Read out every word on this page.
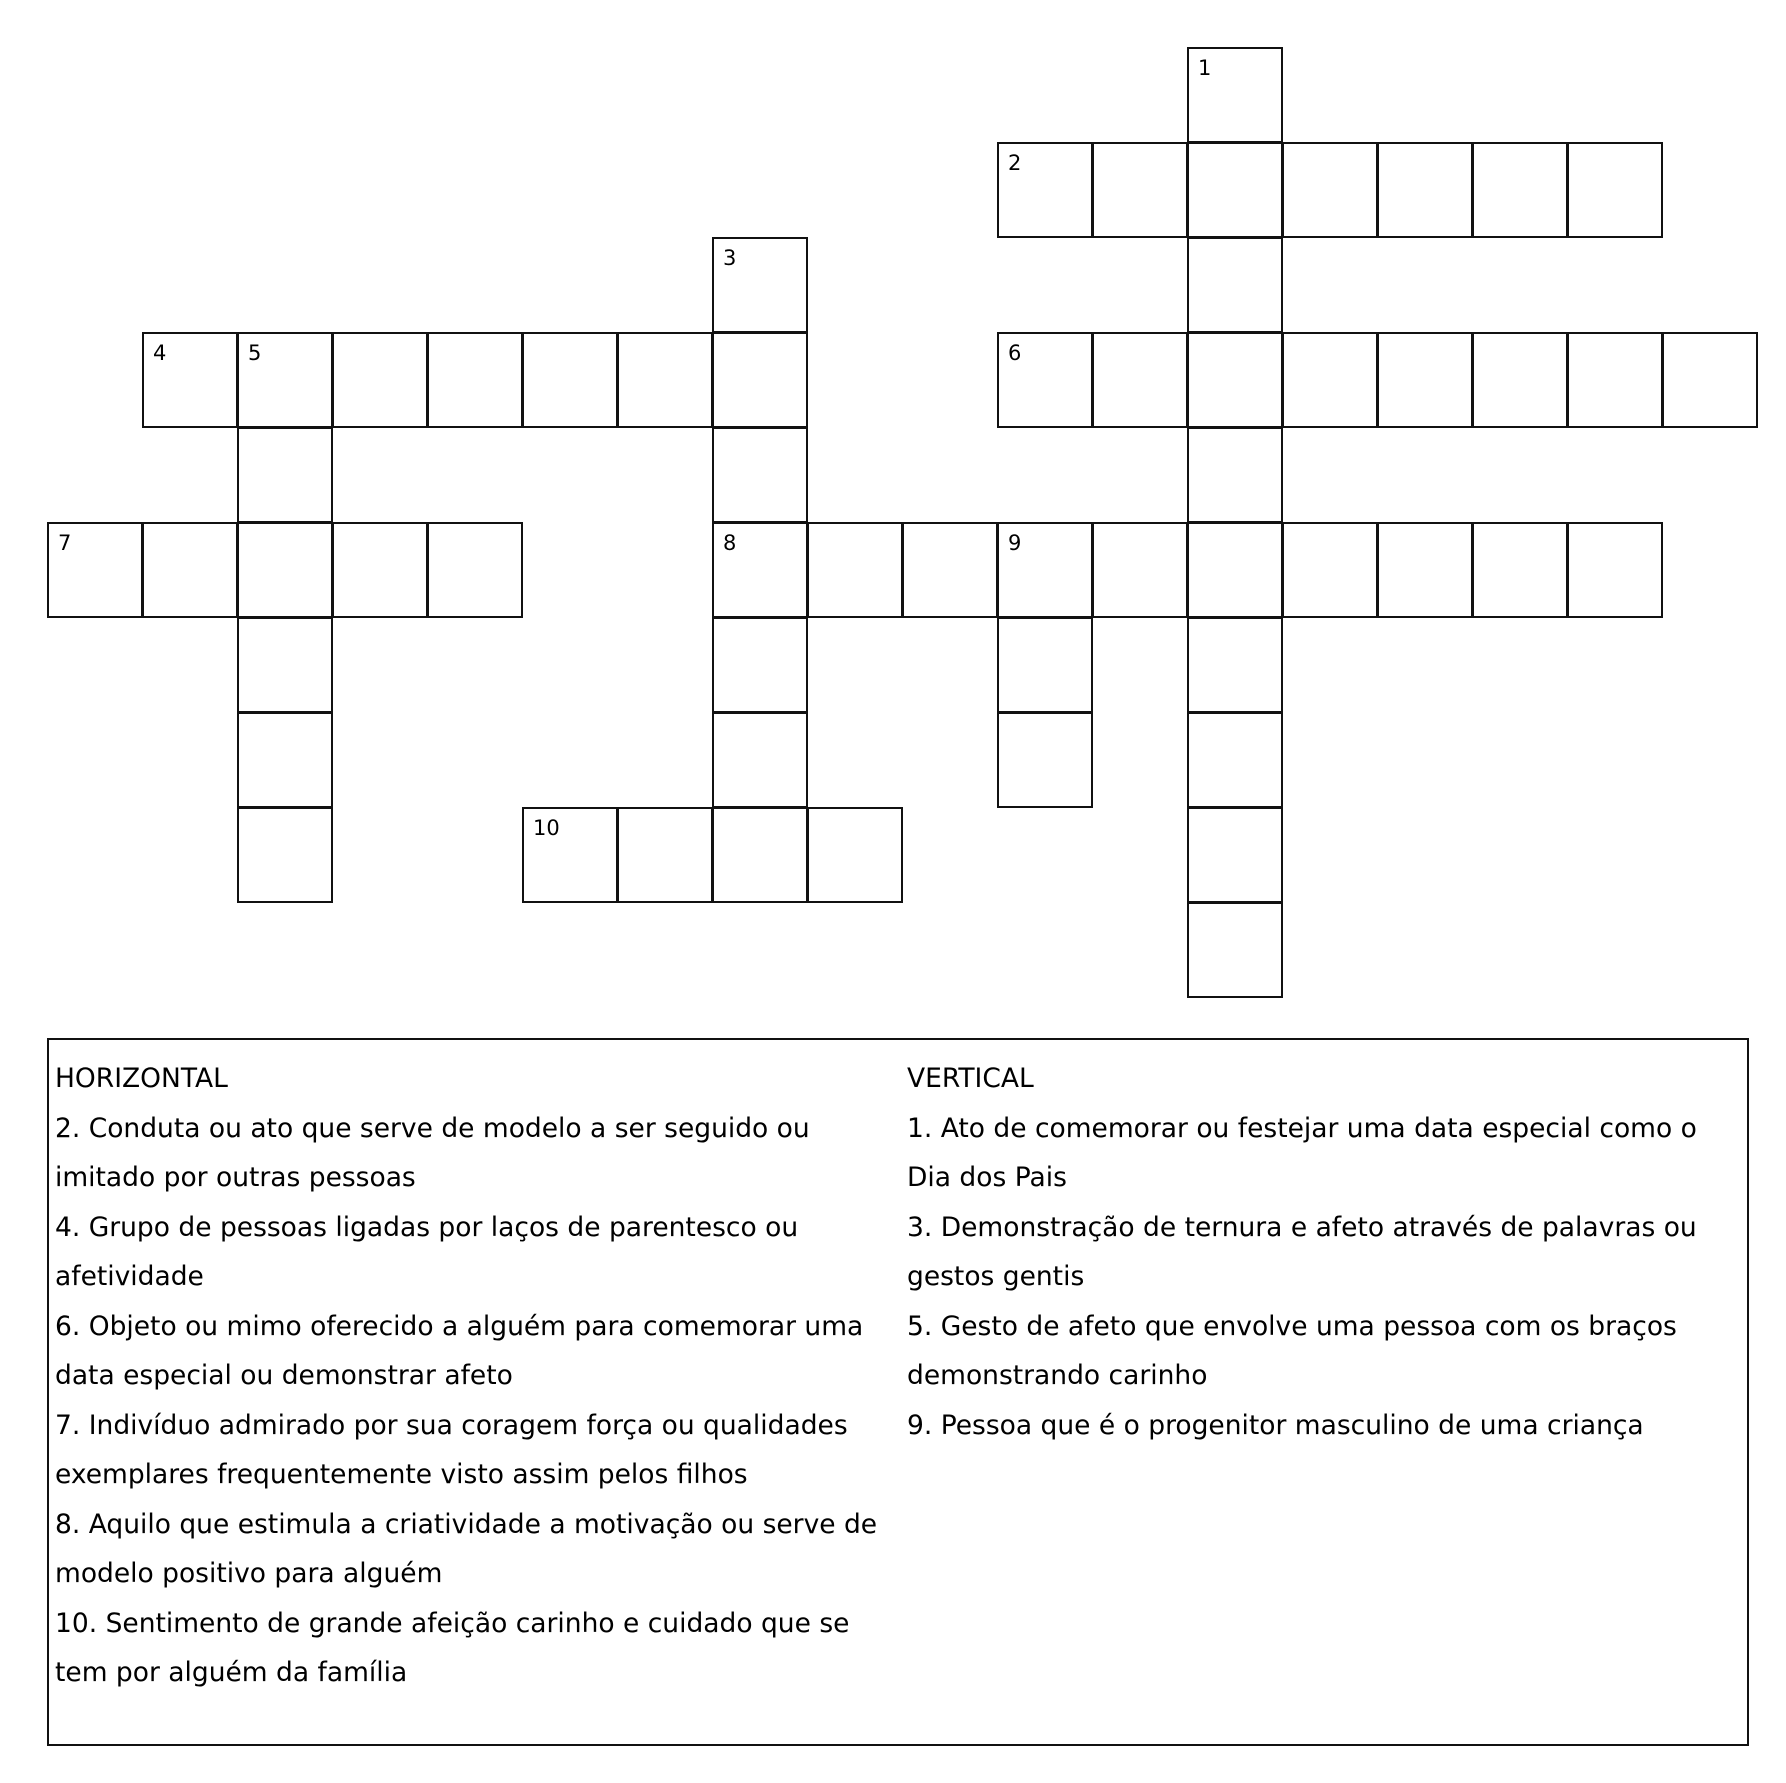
1
2
3
4	5	6
7	8	9
10

HORIZONTAL

2. Conduta ou ato que serve de modelo a ser seguido ou
imitado por outras pessoas
4. Grupo de pessoas ligadas por laços de parentesco ou
afetividade
6. Objeto ou mimo oferecido a alguém para comemorar uma
data especial ou demonstrar afeto
7. Indivíduo admirado por sua coragem força ou qualidades
exemplares frequentemente visto assim pelos filhos
8. Aquilo que estimula a criatividade a motivação ou serve de
modelo positivo para alguém
10. Sentimento de grande afeição carinho e cuidado que se
tem por alguém da família

VERTICAL

1. Ato de comemorar ou festejar uma data especial como o
Dia dos Pais
3. Demonstração de ternura e afeto através de palavras ou
gestos gentis
5. Gesto de afeto que envolve uma pessoa com os braços
demonstrando carinho
9. Pessoa que é o progenitor masculino de uma criança
